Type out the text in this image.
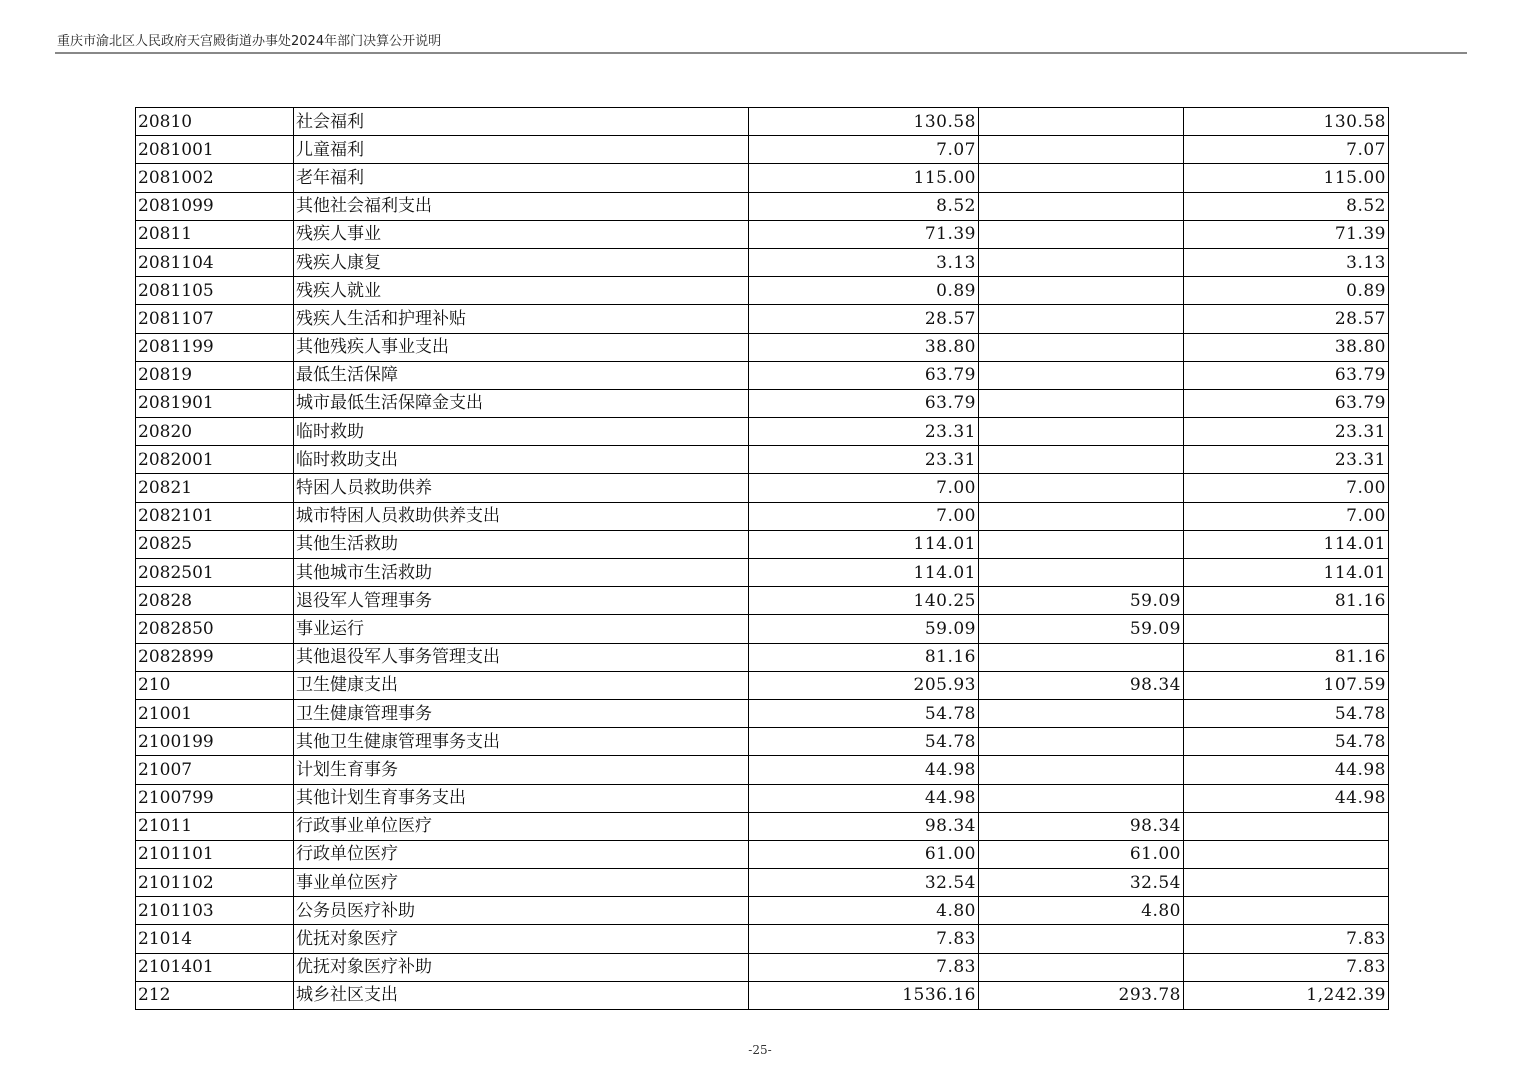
重庆市渝北区人民政府天宫殿街道办事处2024年部门决算公开说明
20810	社会福利	130.58		130.58
2081001	儿童福利	7.07		7.07
2081002	老年福利	115.00		115.00
2081099	其他社会福利支出	8.52		8.52
20811	残疾人事业	71.39		71.39
2081104	残疾人康复	3.13		3.13
2081105	残疾人就业	0.89		0.89
2081107	残疾人生活和护理补贴	28.57		28.57
2081199	其他残疾人事业支出	38.80		38.80
20819	最低生活保障	63.79		63.79
2081901	城市最低生活保障金支出	63.79		63.79
20820	临时救助	23.31		23.31
2082001	临时救助支出	23.31		23.31
20821	特困人员救助供养	7.00		7.00
2082101	城市特困人员救助供养支出	7.00		7.00
20825	其他生活救助	114.01		114.01
2082501	其他城市生活救助	114.01		114.01
20828	退役军人管理事务	140.25	59.09	81.16
2082850	事业运行	59.09	59.09	
2082899	其他退役军人事务管理支出	81.16		81.16
210	卫生健康支出	205.93	98.34	107.59
21001	卫生健康管理事务	54.78		54.78
2100199	其他卫生健康管理事务支出	54.78		54.78
21007	计划生育事务	44.98		44.98
2100799	其他计划生育事务支出	44.98		44.98
21011	行政事业单位医疗	98.34	98.34	
2101101	行政单位医疗	61.00	61.00	
2101102	事业单位医疗	32.54	32.54	
2101103	公务员医疗补助	4.80	4.80	
21014	优抚对象医疗	7.83		7.83
2101401	优抚对象医疗补助	7.83		7.83
212	城乡社区支出	1536.16	293.78	1,242.39
-25-
